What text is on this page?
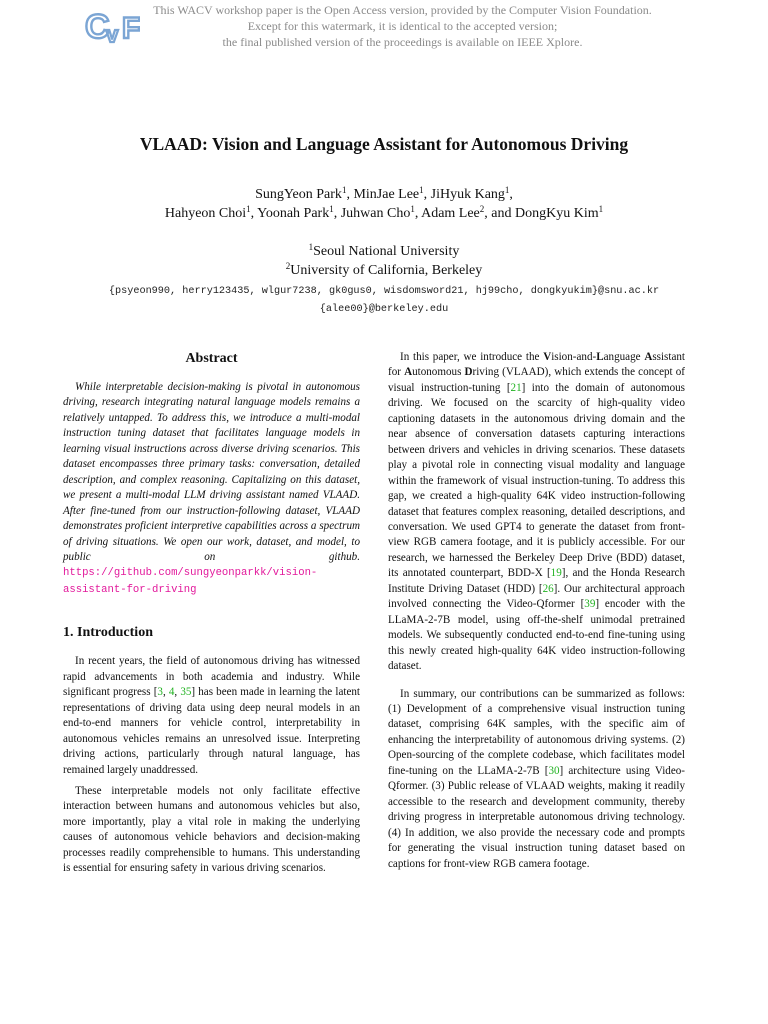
C v F
This WACV workshop paper is the Open Access version, provided by the Computer Vision Foundation.
Except for this watermark, it is identical to the accepted version;
the final published version of the proceedings is available on IEEE Xplore.
VLAAD: Vision and Language Assistant for Autonomous Driving
SungYeon Park$^1$, MinJae Lee$^1$, JiHyuk Kang$^1$,
Hahyeon Choi$^1$, Yoonah Park$^1$, Juhwan Cho$^1$, Adam Lee$^2$, and DongKyu Kim$^1$
$^1$Seoul National University
$^2$University of California, Berkeley
{psyeon990, herry123435, wlgur7238, gk0gus0, wisdomsword21, hj99cho, dongkyukim}@snu.ac.kr
{alee00}@berkeley.edu
Abstract

While interpretable decision-making is pivotal in autonomous driving, research integrating natural language models remains a relatively untapped. To address this, we introduce a multi-modal instruction tuning dataset that facilitates language models in learning visual instructions across diverse driving scenarios. This dataset encompasses three primary tasks: conversation, detailed description, and complex reasoning. Capitalizing on this dataset, we present a multi-modal LLM driving assistant named VLAAD. After fine-tuned from our instruction-following dataset, VLAAD demonstrates proficient interpretive capabilities across a spectrum of driving situations. We open our work, dataset, and model, to public on github. https://github.com/sungyeonparkk/vision-assistant-for-driving

1. Introduction

In recent years, the field of autonomous driving has witnessed rapid advancements in both academia and industry. While significant progress [3, 4, 35] has been made in learning the latent representations of driving data using deep neural models in an end-to-end manners for vehicle control, interpretability in autonomous vehicles remains an unresolved issue. Interpreting driving actions, particularly through natural language, has remained largely unaddressed.

These interpretable models not only facilitate effective interaction between humans and autonomous vehicles but also, more importantly, play a vital role in making the underlying causes of autonomous vehicle behaviors and decision-making processes readily comprehensible to humans. This understanding is essential for ensuring safety in various driving scenarios.

In this paper, we introduce the Vision-and-Language Assistant for Autonomous Driving (VLAAD), which extends the concept of visual instruction-tuning [21] into the domain of autonomous driving. We focused on the scarcity of high-quality video captioning datasets in the autonomous driving domain and the near absence of conversation datasets capturing interactions between drivers and vehicles in driving scenarios. These datasets play a pivotal role in connecting visual modality and language within the framework of visual instruction-tuning. To address this gap, we created a high-quality 64K video instruction-following dataset that features complex reasoning, detailed descriptions, and conversation. We used GPT4 to generate the dataset from front-view RGB camera footage, and it is publicly accessible. For our research, we harnessed the Berkeley Deep Drive (BDD) dataset, its annotated counterpart, BDD-X [19], and the Honda Research Institute Driving Dataset (HDD) [26]. Our architectural approach involved connecting the Video-Qformer [39] encoder with the LLaMA-2-7B model, using off-the-shelf unimodal pretrained models. We subsequently conducted end-to-end fine-tuning using this newly created high-quality 64K video instruction-following dataset.

In summary, our contributions can be summarized as follows: (1) Development of a comprehensive visual instruction tuning dataset, comprising 64K samples, with the specific aim of enhancing the interpretability of autonomous driving systems. (2) Open-sourcing of the complete codebase, which facilitates model fine-tuning on the LLaMA-2-7B [30] architecture using Video-Qformer. (3) Public release of VLAAD weights, making it readily accessible to the research and development community, thereby driving progress in interpretable autonomous driving technology. (4) In addition, we also provide the necessary code and prompts for generating the visual instruction tuning dataset based on captions for front-view RGB camera footage.
